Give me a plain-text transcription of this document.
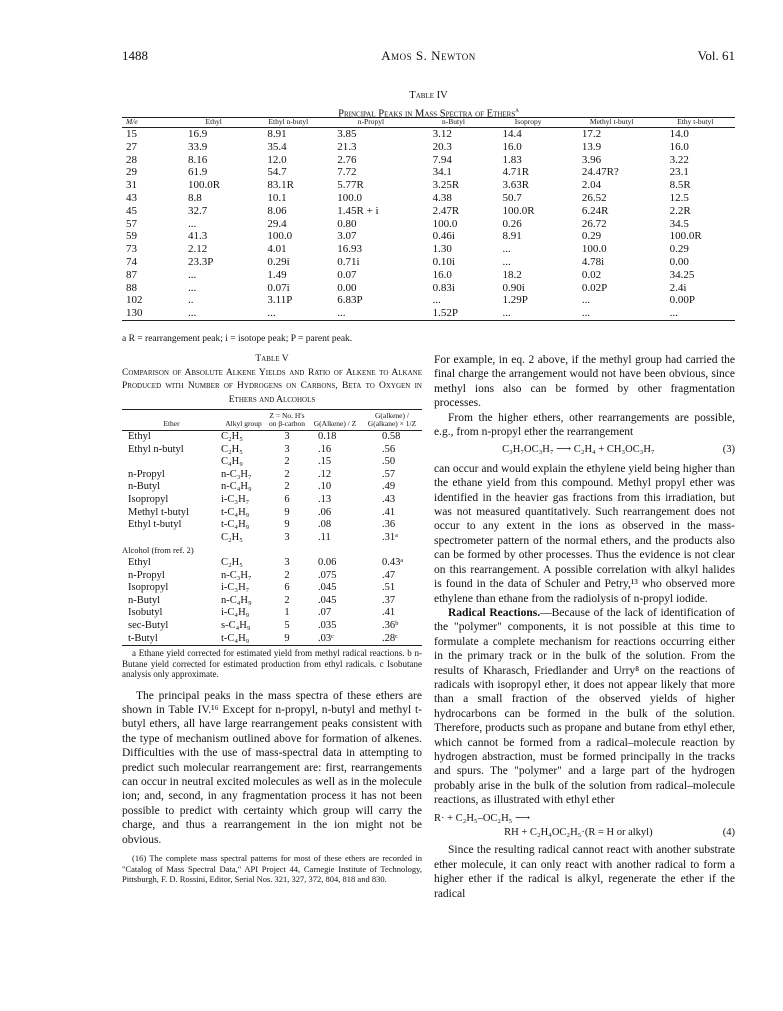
1488	Amos S. Newton	Vol. 61
Table IV
Principal Peaks in Mass Spectra of Ethers$^a$
M/e	Ethyl	Ethyl n-butyl	n-Propyl	n-Butyl	Isopropy	Methyl t-butyl	Ethy t-butyl
15	16.9	8.91	3.85	3.12	14.4	17.2	14.0
27	33.9	35.4	21.3	20.3	16.0	13.9	16.0
28	8.16	12.0	2.76	7.94	1.83	3.96	3.22
29	61.9	54.7	7.72	34.1	4.71R	24.47R?	23.1
31	100.0R	83.1R	5.77R	3.25R	3.63R	2.04	8.5R
43	8.8	10.1	100.0	4.38	50.7	26.52	12.5
45	32.7	8.06	1.45R + i	2.47R	100.0R	6.24R	2.2R
57	...	29.4	0.80	100.0	0.26	26.72	34.5
59	41.3	100.0	3.07	0.46i	8.91	0.29	100.0R
73	2.12	4.01	16.93	1.30	...	100.0	0.29
74	23.3P	0.29i	0.71i	0.10i	...	4.78i	0.00
87	...	1.49	0.07	16.0	18.2	0.02	34.25
88	...	0.07i	0.00	0.83i	0.90i	0.02P	2.4i
102	..	3.11P	6.83P	...	1.29P	...	0.00P
130	...	...	...	1.52P	...	...	...
a R = rearrangement peak; i = isotope peak; P = parent peak.
Table V
Comparison of Absolute Alkene Yields and Ratio of Alkene to Alkane Produced with Number of Hydrogens on Carbons, Beta to Oxygen in Ethers and Alcohols
Ether	Alkyl group	Z = No. H's on β-carbon	G(Alkene) / Z	G(alkene) / G(alkane) × 1/Z
Ethyl	C₂H₅	3	0.18	0.58
Ethyl n-butyl	C₂H₅	3	.16	.56
	C₄H₉	2	.15	.50
n-Propyl	n-C₃H₇	2	.12	.57
n-Butyl	n-C₄H₉	2	.10	.49
Isopropyl	i-C₃H₇	6	.13	.43
Methyl t-butyl	t-C₄H₉	9	.06	.41
Ethyl t-butyl	t-C₄H₉	9	.08	.36
	C₂H₅	3	.11	.31ᵃ
Alcohol (from ref. 2)				
Ethyl	C₂H₅	3	0.06	0.43ᵃ
n-Propyl	n-C₃H₇	2	.075	.47
Isopropyl	i-C₃H₇	6	.045	.51
n-Butyl	n-C₄H₉	2	.045	.37
Isobutyl	i-C₄H₉	1	.07	.41
sec-Butyl	s-C₄H₉	5	.035	.36ᵇ
t-Butyl	t-C₄H₉	9	.03ᶜ	.28ᶜ
a Ethane yield corrected for estimated yield from methyl radical reactions. b n-Butane yield corrected for estimated production from ethyl radicals. c Isobutane analysis only approximate.

The principal peaks in the mass spectra of these ethers are shown in Table IV.¹⁶ Except for n-propyl, n-butyl and methyl t-butyl ethers, all have large rearrangement peaks consistent with the type of mechanism outlined above for formation of alkenes. Difficulties with the use of mass-spectral data in attempting to predict such molecular rearrangement are: first, rearrangements can occur in neutral excited molecules as well as in the molecule ion; and, second, in any fragmentation process it has not been possible to predict with certainty which group will carry the charge, and thus a rearrangement in the ion might not be obvious.

(16) The complete mass spectral patterns for most of these ethers are recorded in "Catalog of Mass Spectral Data," API Project 44, Carnegie Institute of Technology, Pittsburgh, F. D. Rossini, Editor, Serial Nos. 321, 327, 372, 804, 818 and 830.

For example, in eq. 2 above, if the methyl group had carried the final charge the arrangement would not have been obvious, since methyl ions also can be formed by other fragmentation processes.

From the higher ethers, other rearrangements are possible, e.g., from n-propyl ether the rearrangement

C₃H₇OC₃H₇ ⟶ C₂H₄ + CH₃OC₃H₇	(3)

can occur and would explain the ethylene yield being higher than the ethane yield from this compound. Methyl propyl ether was identified in the heavier gas fractions from this irradiation, but was not measured quantitatively. Such rearrangement does not occur to any extent in the ions as observed in the mass-spectrometer pattern of the normal ethers, and the products also can be formed by other processes. Thus the evidence is not clear on this rearrangement. A possible correlation with alkyl halides is found in the data of Schuler and Petry,¹³ who observed more ethylene than ethane from the radiolysis of n-propyl iodide.

Radical Reactions.—Because of the lack of identification of the "polymer" components, it is not possible at this time to formulate a complete mechanism for reactions occurring either in the primary track or in the bulk of the solution. From the results of Kharasch, Friedlander and Urry⁸ on the reactions of radicals with isopropyl ether, it does not appear likely that more than a small fraction of the observed yields of higher hydrocarbons can be formed in the bulk of the solution. Therefore, products such as propane and butane from ethyl ether, which cannot be formed from a radical–molecule reaction by hydrogen abstraction, must be formed principally in the tracks and spurs. The "polymer" and a large part of the hydrogen probably arise in the bulk of the solution from radical–molecule reactions, as illustrated with ethyl ether

R· + C₂H₅–OC₂H₅ ⟶
RH + C₂H₄OC₂H₅·(R = H or alkyl)	(4)

Since the resulting radical cannot react with another substrate ether molecule, it can only react with another radical to form a higher ether if the radical is alkyl, regenerate the ether if the radical
